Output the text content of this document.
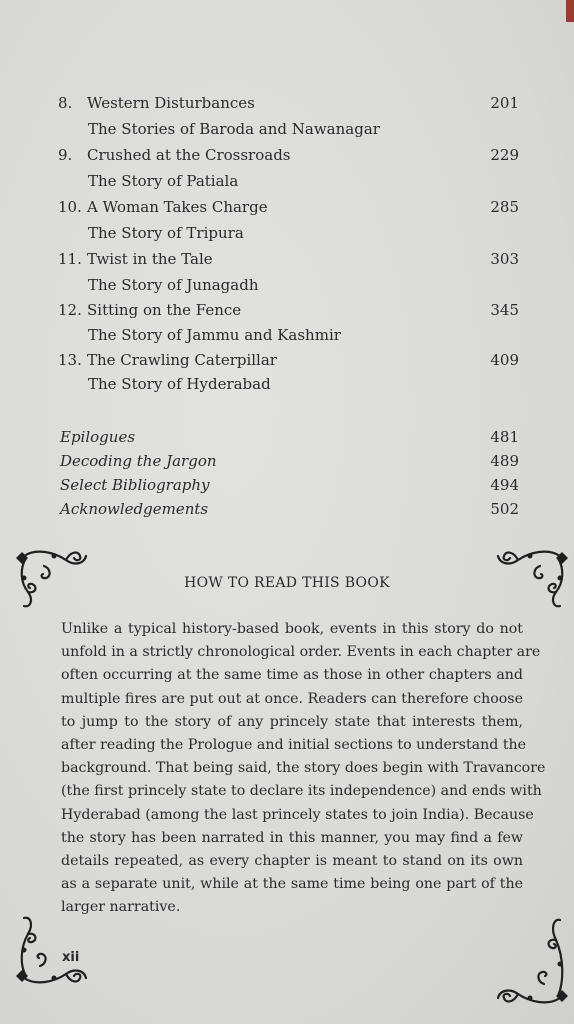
8. Western Disturbances	201
The Stories of Baroda and Nawanagar
9. Crushed at the Crossroads	229
The Story of Patiala
10. A Woman Takes Charge	285
The Story of Tripura
11. Twist in the Tale	303
The Story of Junagadh
12. Sitting on the Fence	345
The Story of Jammu and Kashmir
13. The Crawling Caterpillar	409
The Story of Hyderabad
Epilogues	481
Decoding the Jargon	489
Select Bibliography	494
Acknowledgements	502
HOW TO READ THIS BOOK
Unlike a typical history-based book, events in this story do not
unfold in a strictly chronological order. Events in each chapter are
often occurring at the same time as those in other chapters and
multiple fires are put out at once. Readers can therefore choose
to jump to the story of any princely state that interests them,
after reading the Prologue and initial sections to understand the
background. That being said, the story does begin with Travancore
(the first princely state to declare its independence) and ends with
Hyderabad (among the last princely states to join India). Because
the story has been narrated in this manner, you may find a few
details repeated, as every chapter is meant to stand on its own
as a separate unit, while at the same time being one part of the
larger narrative.
xii
